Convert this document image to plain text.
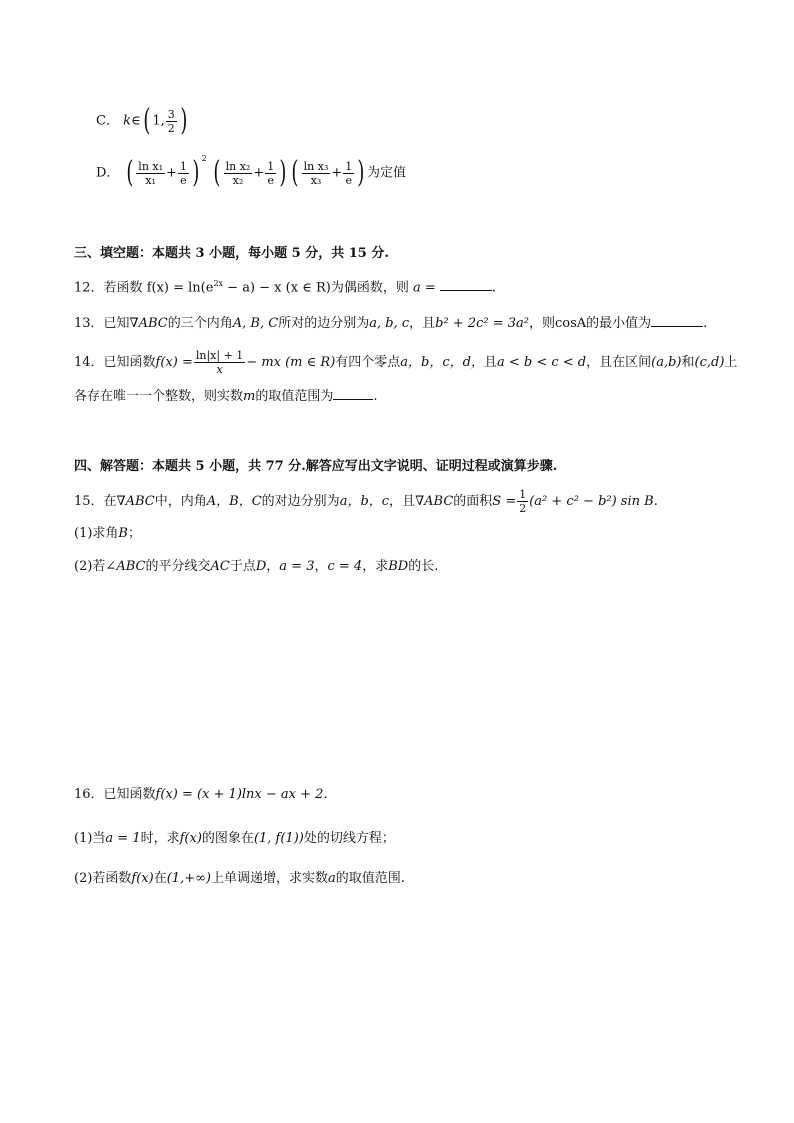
C． k∈( 1, $\frac{3}{2}$ )
D． ( $\frac{\text{ln x₁}}{\text{x₁}} + \frac{1}{e}$ ) $^2$ ( $\frac{\text{ln x₂}}{\text{x₂}} + \frac{1}{e}$ ) ( $\frac{\text{ln x₃}}{\text{x₃}} + \frac{1}{e}$ ) 为定值
三、填空题：本题共 3 小题，每小题 5 分，共 15 分.
12．若函数 $f(x) = \ln(e^{2x} - a) - x$ (x ∈ R)为偶函数，则 a =	.
13．已知∇ABC的三个内角A, B, C所对的边分别为a, b, c，且b² + 2c² = 3a²，则cosA的最小值为	.
14．已知函数$f(x) = \frac{\ln|x| + 1}{x}$ − mx (m ∈ R)有四个零点a，b，c，d，且a < b < c < d，且在区间(a,b)和(c,d)上
各存在唯一一个整数，则实数m的取值范围为	.
四、解答题：本题共 5 小题，共 77 分.解答应写出文字说明、证明过程或演算步骤.
15．在∇ABC中，内角A，B，C的对边分别为a，b，c，且∇ABC的面积$S = \frac{1}{2} (a^2 + c^2 - b^2)$ sin B.
(1)求角B；
(2)若∠ABC的平分线交AC于点D，a = 3，c = 4，求BD的长.
16．已知函数f(x) = (x + 1)lnx − ax + 2.
(1)当a = 1时，求f(x)的图象在(1, f(1))处的切线方程；
(2)若函数f(x)在(1,+∞)上单调递增，求实数a的取值范围.
